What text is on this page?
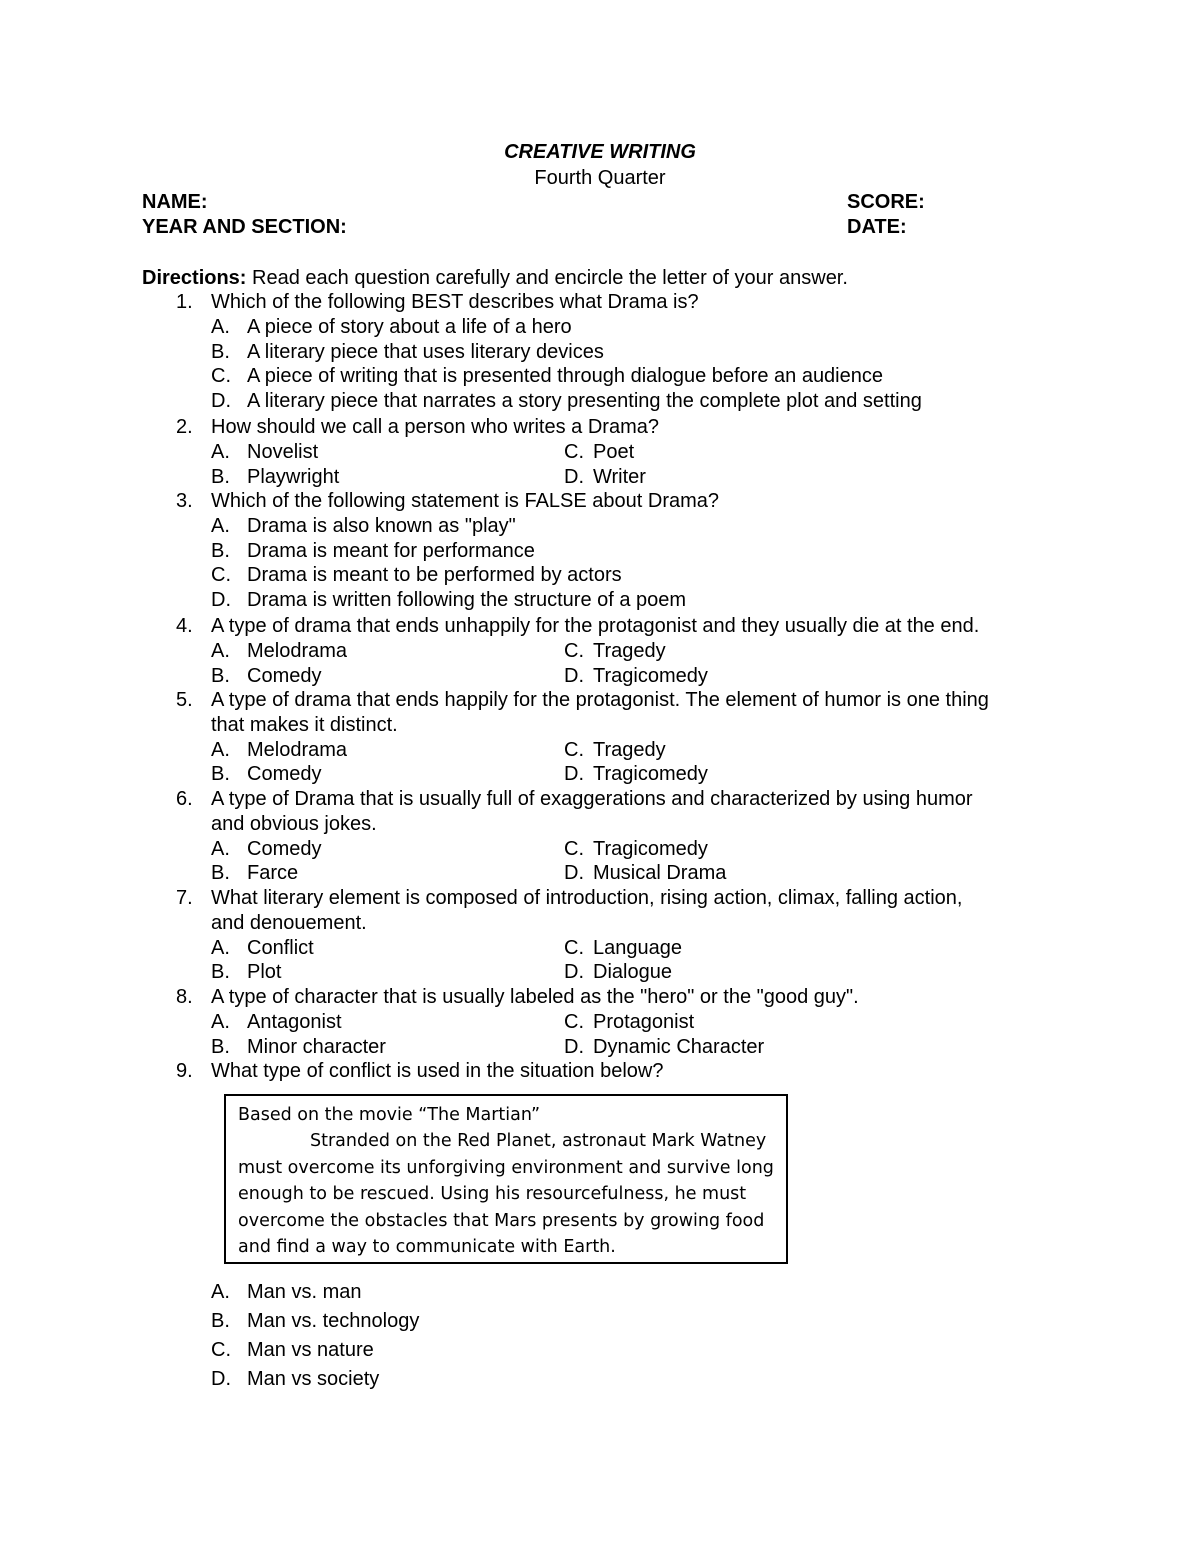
CREATIVE WRITING
Fourth Quarter
NAME:	SCORE:
YEAR AND SECTION:	DATE:
Directions: Read each question carefully and encircle the letter of your answer.
1. Which of the following BEST describes what Drama is?
A. A piece of story about a life of a hero
B. A literary piece that uses literary devices
C. A piece of writing that is presented through dialogue before an audience
D. A literary piece that narrates a story presenting the complete plot and setting
2. How should we call a person who writes a Drama?
A. Novelist	C. Poet
B. Playwright	D. Writer
3. Which of the following statement is FALSE about Drama?
A. Drama is also known as "play"
B. Drama is meant for performance
C. Drama is meant to be performed by actors
D. Drama is written following the structure of a poem
4. A type of drama that ends unhappily for the protagonist and they usually die at the end.
A. Melodrama	C. Tragedy
B. Comedy	D. Tragicomedy
5. A type of drama that ends happily for the protagonist. The element of humor is one thing
that makes it distinct.
A. Melodrama	C. Tragedy
B. Comedy	D. Tragicomedy
6. A type of Drama that is usually full of exaggerations and characterized by using humor
and obvious jokes.
A. Comedy	C. Tragicomedy
B. Farce	D. Musical Drama
7. What literary element is composed of introduction, rising action, climax, falling action,
and denouement.
A. Conflict	C. Language
B. Plot	D. Dialogue
8. A type of character that is usually labeled as the "hero" or the "good guy".
A. Antagonist	C. Protagonist
B. Minor character	D. Dynamic Character
9. What type of conflict is used in the situation below?
A. Man vs. man
B. Man vs. technology
C. Man vs nature
D. Man vs society
Based on the movie “The Martian”
Stranded on the Red Planet, astronaut Mark Watney
must overcome its unforgiving environment and survive long
enough to be rescued. Using his resourcefulness, he must
overcome the obstacles that Mars presents by growing food
and find a way to communicate with Earth.
